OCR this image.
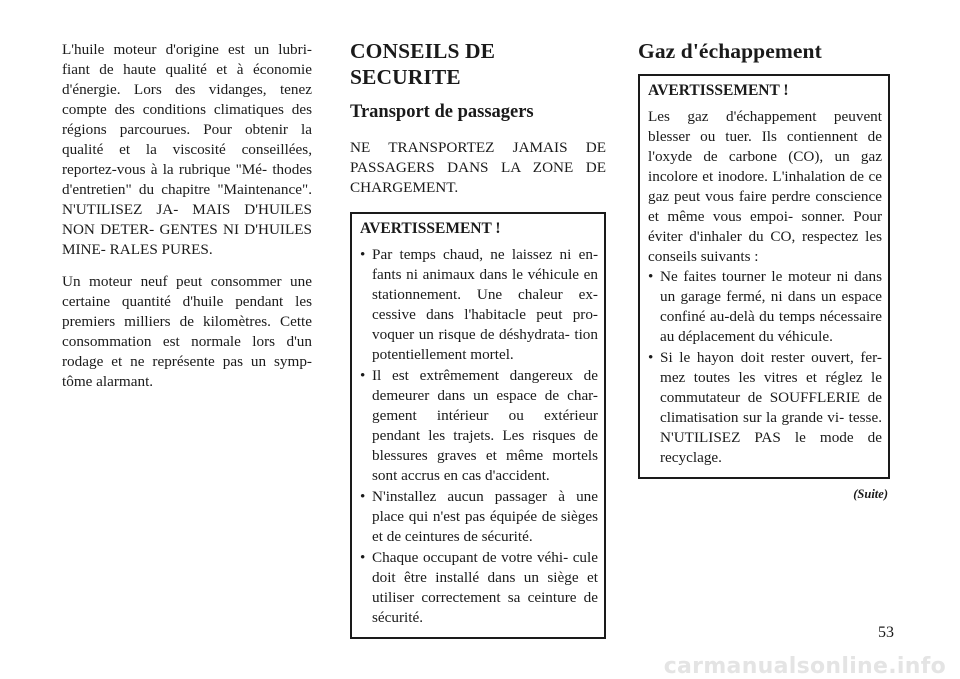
L'huile moteur d'origine est un lubri- fiant de haute qualité et à économie d'énergie. Lors des vidanges, tenez compte des conditions climatiques des régions parcourues. Pour obtenir la qualité et la viscosité conseillées, reportez-vous à la rubrique "Mé- thodes d'entretien" du chapitre "Maintenance". N'UTILISEZ JA- MAIS D'HUILES NON DETER- GENTES NI D'HUILES MINE- RALES PURES.

Un moteur neuf peut consommer une certaine quantité d'huile pendant les premiers milliers de kilomètres. Cette consommation est normale lors d'un rodage et ne représente pas un symp- tôme alarmant.

CONSEILS DE SECURITE
Transport de passagers

NE TRANSPORTEZ JAMAIS DE PASSAGERS DANS LA ZONE DE CHARGEMENT.

AVERTISSEMENT !
• Par temps chaud, ne laissez ni en- fants ni animaux dans le véhicule en stationnement. Une chaleur ex- cessive dans l'habitacle peut pro- voquer un risque de déshydrata- tion potentiellement mortel.
• Il est extrêmement dangereux de demeurer dans un espace de char- gement intérieur ou extérieur pendant les trajets. Les risques de blessures graves et même mortels sont accrus en cas d'accident.
• N'installez aucun passager à une place qui n'est pas équipée de sièges et de ceintures de sécurité.
• Chaque occupant de votre véhi- cule doit être installé dans un siège et utiliser correctement sa ceinture de sécurité.
Gaz d'échappement
AVERTISSEMENT !

Les gaz d'échappement peuvent blesser ou tuer. Ils contiennent de l'oxyde de carbone (CO), un gaz incolore et inodore. L'inhalation de ce gaz peut vous faire perdre conscience et même vous empoi- sonner. Pour éviter d'inhaler du CO, respectez les conseils suivants :

• Ne faites tourner le moteur ni dans un garage fermé, ni dans un espace confiné au-delà du temps nécessaire au déplacement du véhicule.
• Si le hayon doit rester ouvert, fer- mez toutes les vitres et réglez le commutateur de SOUFFLERIE de climatisation sur la grande vi- tesse. N'UTILISEZ PAS le mode de recyclage.
(Suite)
53
carmanualsonline.info
